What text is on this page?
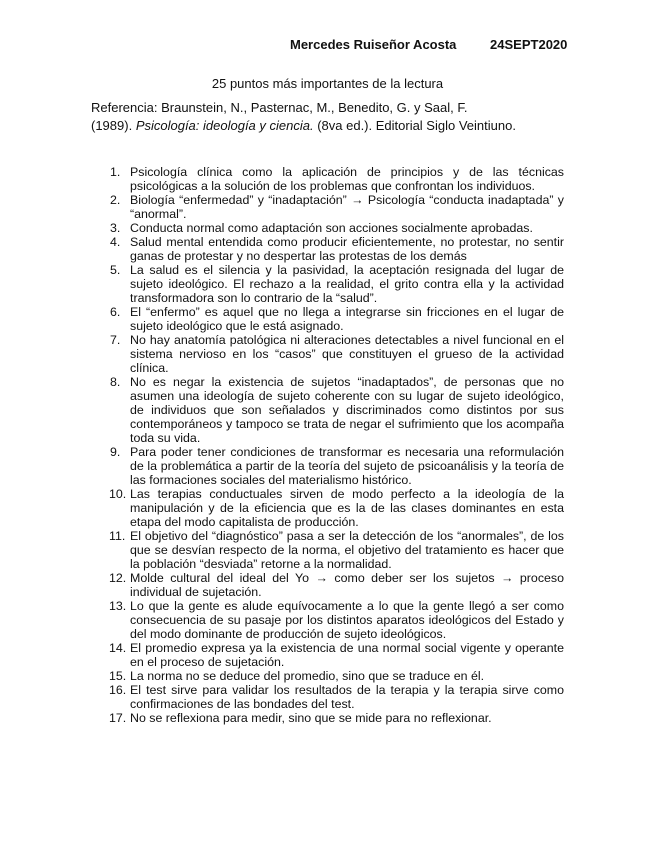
Mercedes Ruiseñor Acosta	24SEPT2020
25 puntos más importantes de la lectura
Referencia: Braunstein, N., Pasternac, M., Benedito, G. y Saal, F.
(1989). Psicología: ideología y ciencia. (8va ed.). Editorial Siglo Veintiuno.
1. Psicología clínica como la aplicación de principios y de las técnicas psicológicas a la solución de los problemas que confrontan los individuos.
2. Biología “enfermedad” y “inadaptación” → Psicología “conducta inadaptada” y “anormal”.
3. Conducta normal como adaptación son acciones socialmente aprobadas.
4. Salud mental entendida como producir eficientemente, no protestar, no sentir ganas de protestar y no despertar las protestas de los demás
5. La salud es el silencia y la pasividad, la aceptación resignada del lugar de sujeto ideológico. El rechazo a la realidad, el grito contra ella y la actividad transformadora son lo contrario de la “salud”.
6. El “enfermo” es aquel que no llega a integrarse sin fricciones en el lugar de sujeto ideológico que le está asignado.
7. No hay anatomía patológica ni alteraciones detectables a nivel funcional en el sistema nervioso en los “casos” que constituyen el grueso de la actividad clínica.
8. No es negar la existencia de sujetos “inadaptados”, de personas que no asumen una ideología de sujeto coherente con su lugar de sujeto ideológico, de individuos que son señalados y discriminados como distintos por sus contemporáneos y tampoco se trata de negar el sufrimiento que los acompaña toda su vida.
9. Para poder tener condiciones de transformar es necesaria una reformulación de la problemática a partir de la teoría del sujeto de psicoanálisis y la teoría de las formaciones sociales del materialismo histórico.
10. Las terapias conductuales sirven de modo perfecto a la ideología de la manipulación y de la eficiencia que es la de las clases dominantes en esta etapa del modo capitalista de producción.
11. El objetivo del “diagnóstico” pasa a ser la detección de los “anormales”, de los que se desvían respecto de la norma, el objetivo del tratamiento es hacer que la población “desviada” retorne a la normalidad.
12. Molde cultural del ideal del Yo → como deber ser los sujetos → proceso individual de sujetación.
13. Lo que la gente es alude equívocamente a lo que la gente llegó a ser como consecuencia de su pasaje por los distintos aparatos ideológicos del Estado y del modo dominante de producción de sujeto ideológicos.
14. El promedio expresa ya la existencia de una normal social vigente y operante en el proceso de sujetación.
15. La norma no se deduce del promedio, sino que se traduce en él.
16. El test sirve para validar los resultados de la terapia y la terapia sirve como confirmaciones de las bondades del test.
17. No se reflexiona para medir, sino que se mide para no reflexionar.
